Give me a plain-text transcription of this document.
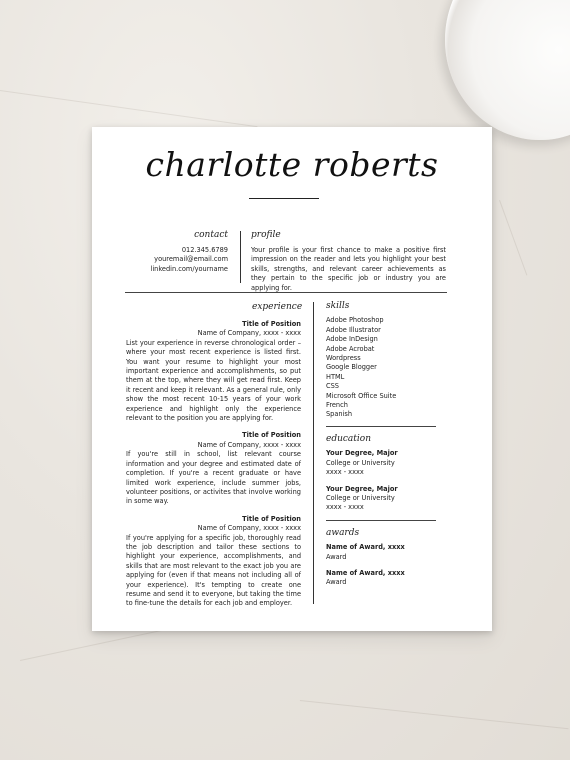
charlotte roberts
contact
012.345.6789
youremail@email.com
linkedin.com/yourname
profile
Your profile is your first chance to make a positive first impression on the reader and lets you highlight your best skills, strengths, and relevant career achievements as they pertain to the specific job or industry you are applying for.
experience
Title of Position
Name of Company, xxxx - xxxx
List your experience in reverse chronological order – where your most recent experience is listed first. You want your resume to highlight your most important experience and accomplishments, so put them at the top, where they will get read first. Keep it recent and keep it relevant. As a general rule, only show the most recent 10-15 years of your work experience and highlight only the experience relevant to the position you are applying for.
Title of Position
Name of Company, xxxx - xxxx
If you're still in school, list relevant course information and your degree and estimated date of completion. If you're a recent graduate or have limited work experience, include summer jobs, volunteer positions, or activites that involve working in some way.
Title of Position
Name of Company, xxxx - xxxx
If you're applying for a specific job, thoroughly read the job description and tailor these sections to highlight your experience, accomplishments, and skills that are most relevant to the exact job you are applying for (even if that means not including all of your experience). It's tempting to create one resume and send it to everyone, but taking the time to fine-tune the details for each job and employer.
skills
Adobe Photoshop
Adobe Illustrator
Adobe InDesign
Adobe Acrobat
Wordpress
Google Blogger
HTML
CSS
Microsoft Office Suite
French
Spanish
education
Your Degree, Major
College or University
xxxx - xxxx
Your Degree, Major
College or University
xxxx - xxxx
awards
Name of Award, xxxx
Award
Name of Award, xxxx
Award
